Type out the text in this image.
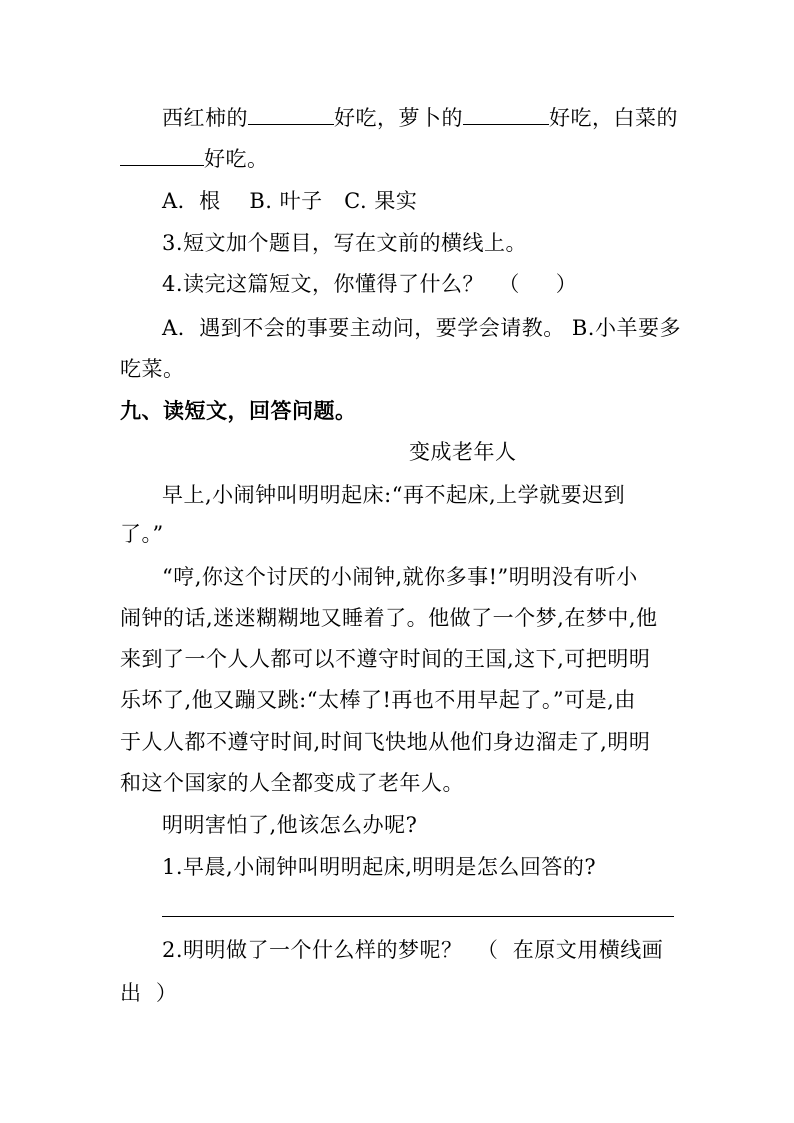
西红柿的	好吃，萝卜的	好吃，白菜的
好吃。
A．根    B. 叶子   C. 果实
3.短文加个题目，写在文前的横线上。
4.读完这篇短文，你懂得了什么？  （     ）
A.  遇到不会的事要主动问，要学会请教。 B.小羊要多
吃菜。
九、读短文，回答问题。
变成老年人
早上,小闹钟叫明明起床:“再不起床,上学就要迟到
了。”
“哼,你这个讨厌的小闹钟,就你多事!”明明没有听小
闹钟的话,迷迷糊糊地又睡着了。他做了一个梦,在梦中,他
来到了一个人人都可以不遵守时间的王国,这下,可把明明
乐坏了,他又蹦又跳:“太棒了!再也不用早起了。”可是,由
于人人都不遵守时间,时间飞快地从他们身边溜走了,明明
和这个国家的人全都变成了老年人。
明明害怕了,他该怎么办呢?
1.早晨,小闹钟叫明明起床,明明是怎么回答的?
2.明明做了一个什么样的梦呢？  （  在原文用横线画
出  ）
